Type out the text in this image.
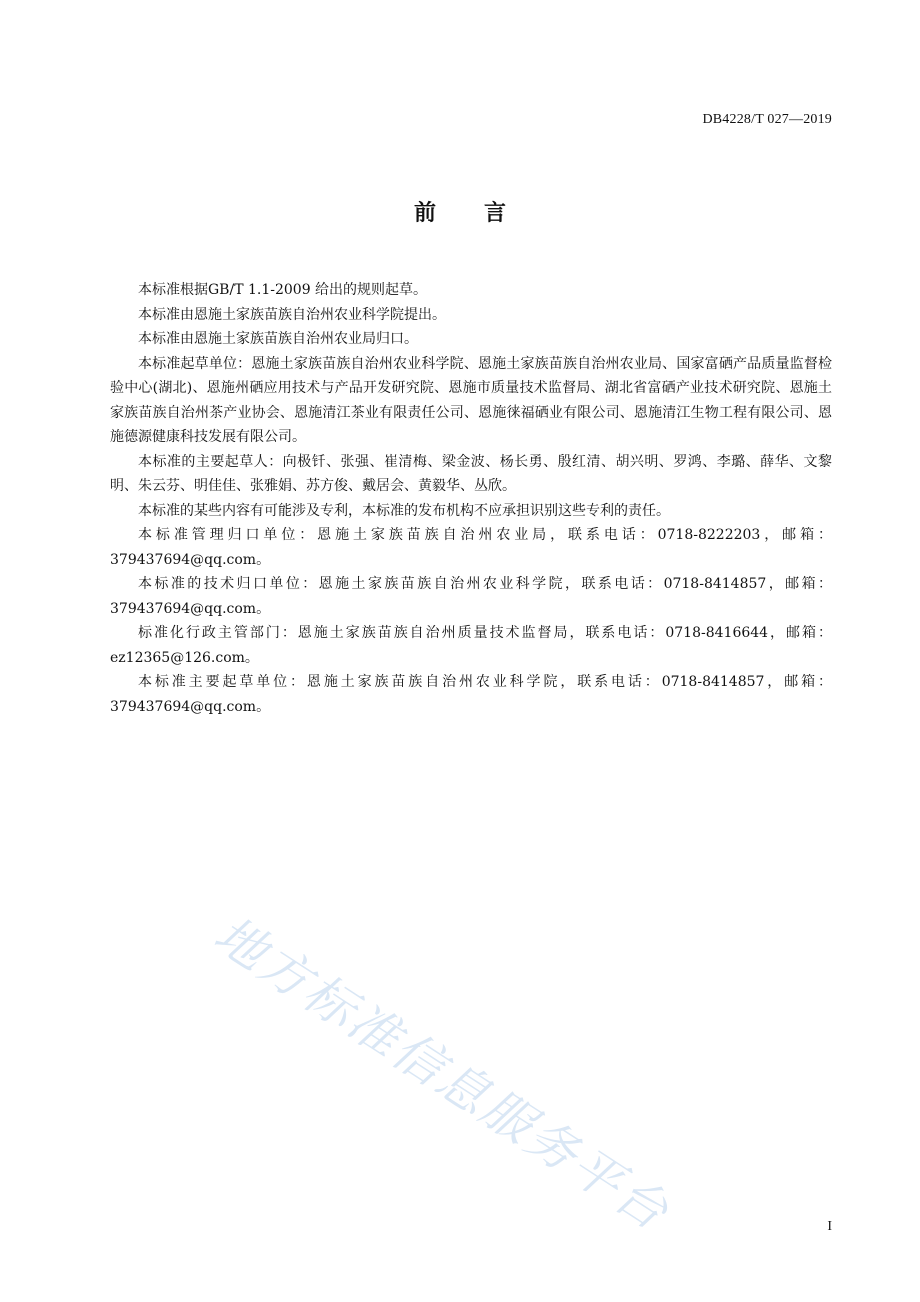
DB4228/T 027—2019
前 言

本标准根据GB/T 1.1-2009 给出的规则起草。

本标准由恩施土家族苗族自治州农业科学院提出。

本标准由恩施土家族苗族自治州农业局归口。

本标准起草单位：恩施土家族苗族自治州农业科学院、恩施土家族苗族自治州农业局、国家富硒产品质量监督检验中心(湖北)、恩施州硒应用技术与产品开发研究院、恩施市质量技术监督局、湖北省富硒产业技术研究院、恩施土家族苗族自治州茶产业协会、恩施清江茶业有限责任公司、恩施徕福硒业有限公司、恩施清江生物工程有限公司、恩施德源健康科技发展有限公司。

本标准的主要起草人：向极钎、张强、崔清梅、梁金波、杨长勇、殷红清、胡兴明、罗鸿、李璐、薛华、文黎明、朱云芬、明佳佳、张雅娟、苏方俊、戴居会、黄毅华、丛欣。

本标准的某些内容有可能涉及专利，本标准的发布机构不应承担识别这些专利的责任。

本标准管理归口单位：恩施土家族苗族自治州农业局，联系电话：0718-8222203，邮箱：379437694@qq.com。

本标准的技术归口单位：恩施土家族苗族自治州农业科学院，联系电话：0718-8414857，邮箱：379437694@qq.com。

标准化行政主管部门：恩施土家族苗族自治州质量技术监督局，联系电话：0718-8416644，邮箱：ez12365@126.com。

本标准主要起草单位：恩施土家族苗族自治州农业科学院，联系电话：0718-8414857，邮箱：379437694@qq.com。

地方标准信息服务平台	I
